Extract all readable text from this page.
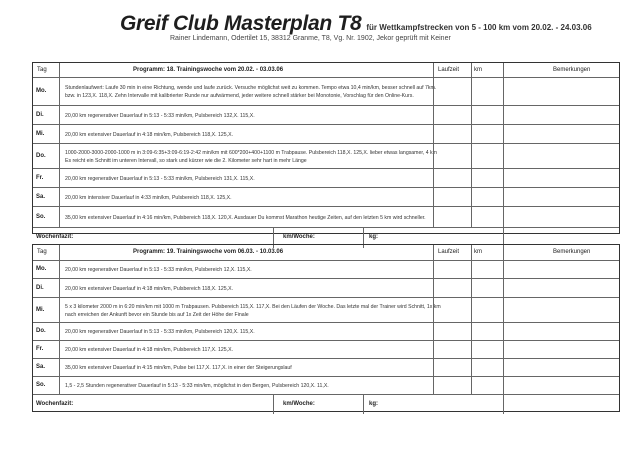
Greif Club Masterplan T8 für Wettkampfstrecken von 5 - 100 km vom 20.02. - 24.03.06
Rainer Lindemann, Odertilet 15, 38312 Granme, T8, Vg. Nr. 1902, Jekor geprüft mit Keiner
Tag	Programm: 18. Trainingswoche vom 20.02. - 03.03.06	Laufzeit km	Bemerkungen
Mo.	Stundenlaufwert: Laufe 30 min in eine Richtung, wende und laufe zurück. Versuche möglichst weit zu kommen. Tempo etwa 10,4 min/km, besser schnell auf 7km.
bzw. in 123,X. 118,X. Zehn Intervalle mit kalibrierter Runde nur aufwärmend, jeder weitere schnell stärker bei Monotonie, Vorschlag für den Online-Kurs.
Di.	20,00 km regenerativer Dauerlauf in 5:13 - 5:33 min/km, Pulsbereich 132,X. 115,X.
Mi.	20,00 km extensiver Dauerlauf in 4:18 min/km, Pulsbereich 118,X. 125,X.
Do.	1000-2000-3000-2000-1000 m in 3:09-6:35+3:09-6:19-2:42 min/km mit 600*200+400+1100 m Trabpause. Pulsbereich 118,X. 125,X. lieber etwas langsamer, 4 km
Es reicht ein Schnitt im unteren Intervall, so stark und kürzer wie die 2. Kilometer sehr hart in mehr Länge
Fr.	20,00 km regenerativer Dauerlauf in 5:13 - 5:33 min/km, Pulsbereich 131,X. 115,X.
Sa.	20,00 km intensiver Dauerlauf in 4:33 min/km, Pulsbereich 118,X. 125,X.
So.	35,00 km extensiver Dauerlauf in 4:16 min/km, Pulsbereich 118,X. 120,X. Ausdauer Du kommst Marathon heutige Zeiten, auf den letzten 5 km wird schneller.
Wochenfazit:	km/Woche:	kg:
Tag	Programm: 19. Trainingswoche vom 06.03. - 10.03.06	Laufzeit km	Bemerkungen
Mo.	20,00 km regenerativer Dauerlauf in 5:13 - 5:33 min/km, Pulsbereich 12,X. 115,X.
Di.	20,00 km extensiver Dauerlauf in 4:18 min/km, Pulsbereich 118,X. 125,X.
Mi.	5 x 3 kilometer 2000 m in 6:20 min/km mit 1000 m Trabpausen. Pulsbereich 115,X. 117,X. Bei den Läufen der Woche. Das letzte mal der Trainer wird Schnitt, 1x km
nach erreichen der Ankunft bevor ein Stunde bis auf 1x Zeit der Höhe der Finale
Do.	20,00 km regenerativer Dauerlauf in 5:13 - 5:33 min/km, Pulsbereich 120,X. 115,X.
Fr.	20,00 km extensiver Dauerlauf in 4:18 min/km, Pulsbereich 117,X. 125,X.
Sa.	35,00 km extensiver Dauerlauf in 4:15 min/km, Pulse bei 117,X. 117,X. in einer der Steigerungslauf
So.	1,5 - 2,5 Stunden regenerativer Dauerlauf in 5:13 - 5:33 min/km, möglichst in den Bergen, Pulsbereich 120,X. 11,X.
Wochenfazit:	km/Woche:	kg:
